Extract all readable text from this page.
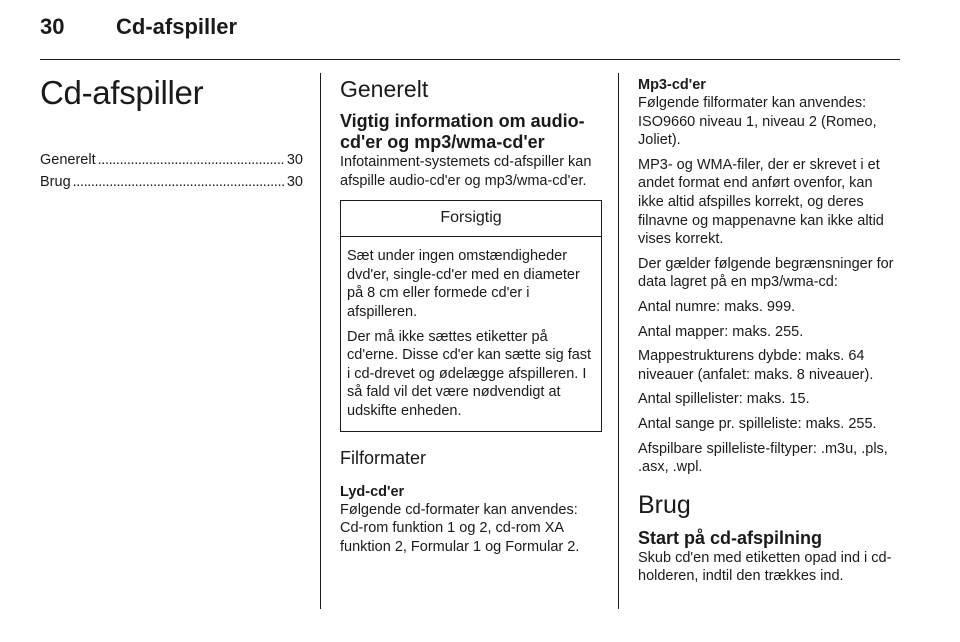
30 Cd-afspiller
Cd-afspiller
Generelt . . .	30
Brug . . .	30
Generelt
Vigtig information om audio-cd'er og mp3/wma-cd'er

Infotainment-systemets cd-afspiller kan afspille audio-cd'er og mp3/wma-cd'er.

Forsigtig

Sæt under ingen omstændigheder dvd'er, single-cd'er med en diameter på 8 cm eller formede cd'er i afspilleren.

Der må ikke sættes etiketter på cd'erne. Disse cd'er kan sætte sig fast i cd-drevet og ødelægge afspilleren. I så fald vil det være nødvendigt at udskifte enheden.

Filformater
Lyd-cd'er

Følgende cd-formater kan anvendes: Cd-rom funktion 1 og 2, cd-rom XA funktion 2, Formular 1 og Formular 2.

Mp3-cd'er

Følgende filformater kan anvendes: ISO9660 niveau 1, niveau 2 (Romeo, Joliet).

MP3- og WMA-filer, der er skrevet i et andet format end anført ovenfor, kan ikke altid afspilles korrekt, og deres filnavne og mappenavne kan ikke altid vises korrekt.

Der gælder følgende begrænsninger for data lagret på en mp3/wma-cd:

Antal numre: maks. 999.

Antal mapper: maks. 255.

Mappestrukturens dybde: maks. 64 niveauer (anfalet: maks. 8 niveauer).

Antal spillelister: maks. 15.

Antal sange pr. spilleliste: maks. 255.

Afspilbare spilleliste-filtyper: .m3u, .pls, .asx, .wpl.

Brug
Start på cd-afspilning

Skub cd'en med etiketten opad ind i cd-holderen, indtil den trækkes ind.
